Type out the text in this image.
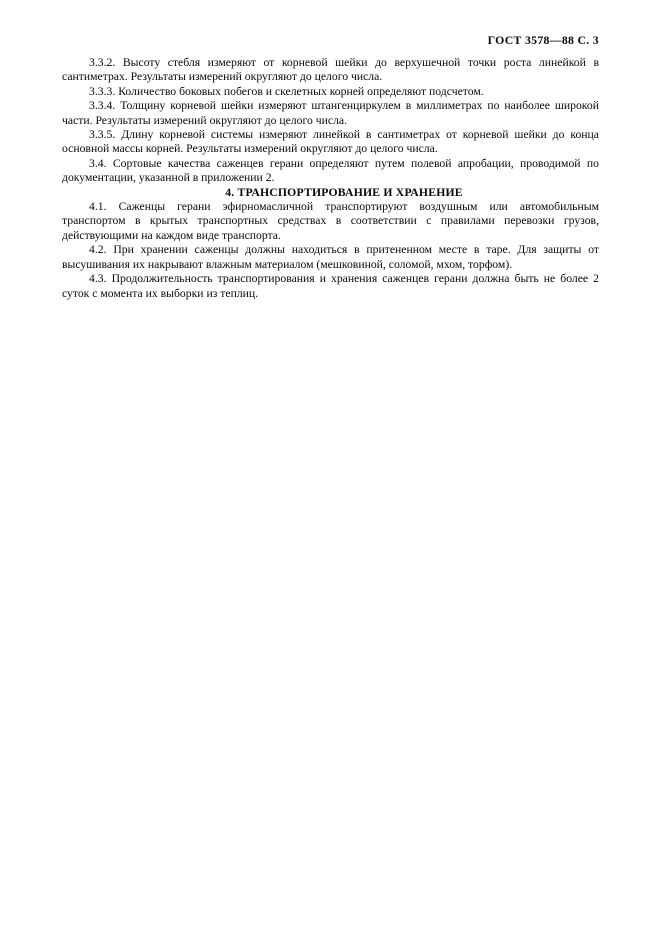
ГОСТ 3578—88 С. 3

3.3.2. Высоту стебля измеряют от корневой шейки до верхушечной точки роста линейкой в сантиметрах. Результаты измерений округляют до целого числа.

3.3.3. Количество боковых побегов и скелетных корней определяют подсчетом.

3.3.4. Толщину корневой шейки измеряют штангенциркулем в миллиметрах по наиболее широкой части. Результаты измерений округляют до целого числа.

3.3.5. Длину корневой системы измеряют линейкой в сантиметрах от корневой шейки до конца основной массы корней. Результаты измерений округляют до целого числа.

3.4. Сортовые качества саженцев герани определяют путем полевой апробации, проводимой по документации, указанной в приложении 2.

4. ТРАНСПОРТИРОВАНИЕ И ХРАНЕНИЕ

4.1. Саженцы герани эфирномасличной транспортируют воздушным или автомобильным транспортом в крытых транспортных средствах в соответствии с правилами перевозки грузов, действующими на каждом виде транспорта.

4.2. При хранении саженцы должны находиться в притененном месте в таре. Для защиты от высушивания их накрывают влажным материалом (мешковиной, соломой, мхом, торфом).

4.3. Продолжительность транспортирования и хранения саженцев герани должна быть не более 2 суток с момента их выборки из теплиц.
